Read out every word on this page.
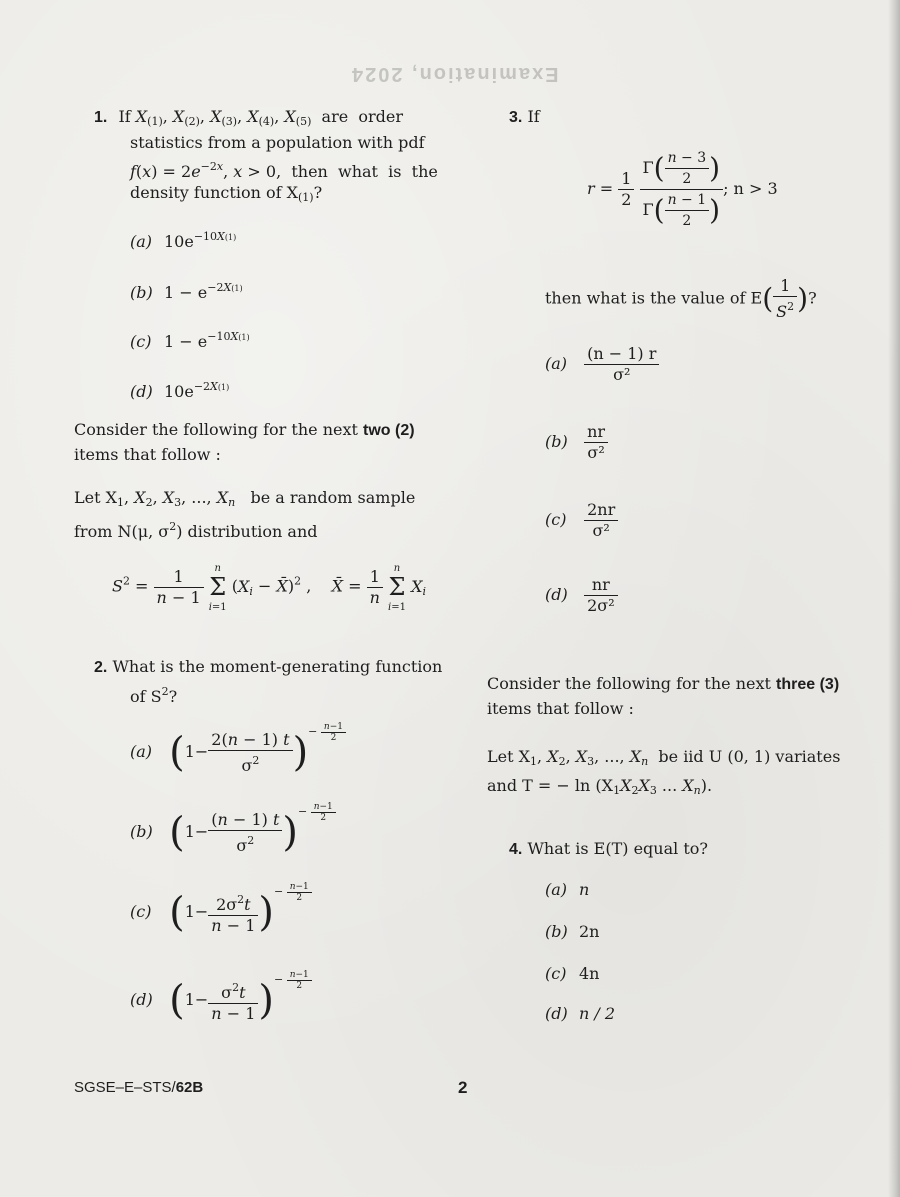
Examination, 2024
1. If $X_{(1)}$, $X_{(2)}$, $X_{(3)}$, $X_{(4)}$, $X_{(5)}$  are  order
statistics from a population with pdf
$f(x) = 2e^{-2x}$, x > 0,  then  what  is  the
density function of $X_{(1)}$?
(a) $10e^{-10X(1)}$
(b) $1 - e^{-2X(1)}$
(c) $1 - e^{-10X(1)}$
(d) $10e^{-2X(1)}$
Consider the following for the next two (2)
items that follow :
Let $X_1$, $X_2$, $X_3$, ..., $X_n$ be a random sample
from N(μ, $\sigma^2$) distribution and
$S^2 = \frac{1}{n - 1}$ n
Σ
i=1 ($X_i$ − X̄)$^2$ ,    X̄ = $\frac{1}{n}$ n
Σ
i=1 $X_i$
2. What is the moment-generating function
of $S^2$?
(a) ($1- \frac{2(n - 1) t}{\sigma^2}$ )− $\frac{n-1}{2}$
(b) ($1- \frac{(n - 1) t}{\sigma^2}$ )− $\frac{n-1}{2}$
(c) ($1- \frac{2\sigma^2t}{n - 1}$ )− $\frac{n-1}{2}$
(d) ($1- \frac{\sigma^2t}{n - 1}$ )− $\frac{n-1}{2}$
3. If
$r = \frac{1}{2}$
$\frac{\Gamma( \frac{n - 3}{2} )}{\Gamma( \frac{n - 1}{2} )}$ ; n > 3
then what is the value of $E( \frac{1}{S^2}$ )?
$(a) \frac{(n - 1) r}{\text{σ²}}$
$(b) \frac{nr}{\text{σ²}}$
$(c) \frac{2nr}{\text{σ²}}$
$(d) \frac{nr}{\text{2σ²}}$
Consider the following for the next three (3)
items that follow :
Let $X_1$, $X_2$, $X_3$, ..., $X_n$ be iid U (0, 1) variates
and T = − $\ln (X_1X_2X_3$ ... $X_n$).
4. What is E(T) equal to?
(a) n
(b) 2n
(c) 4n
(d) n / 2
SGSE–E–STS/62B	2
